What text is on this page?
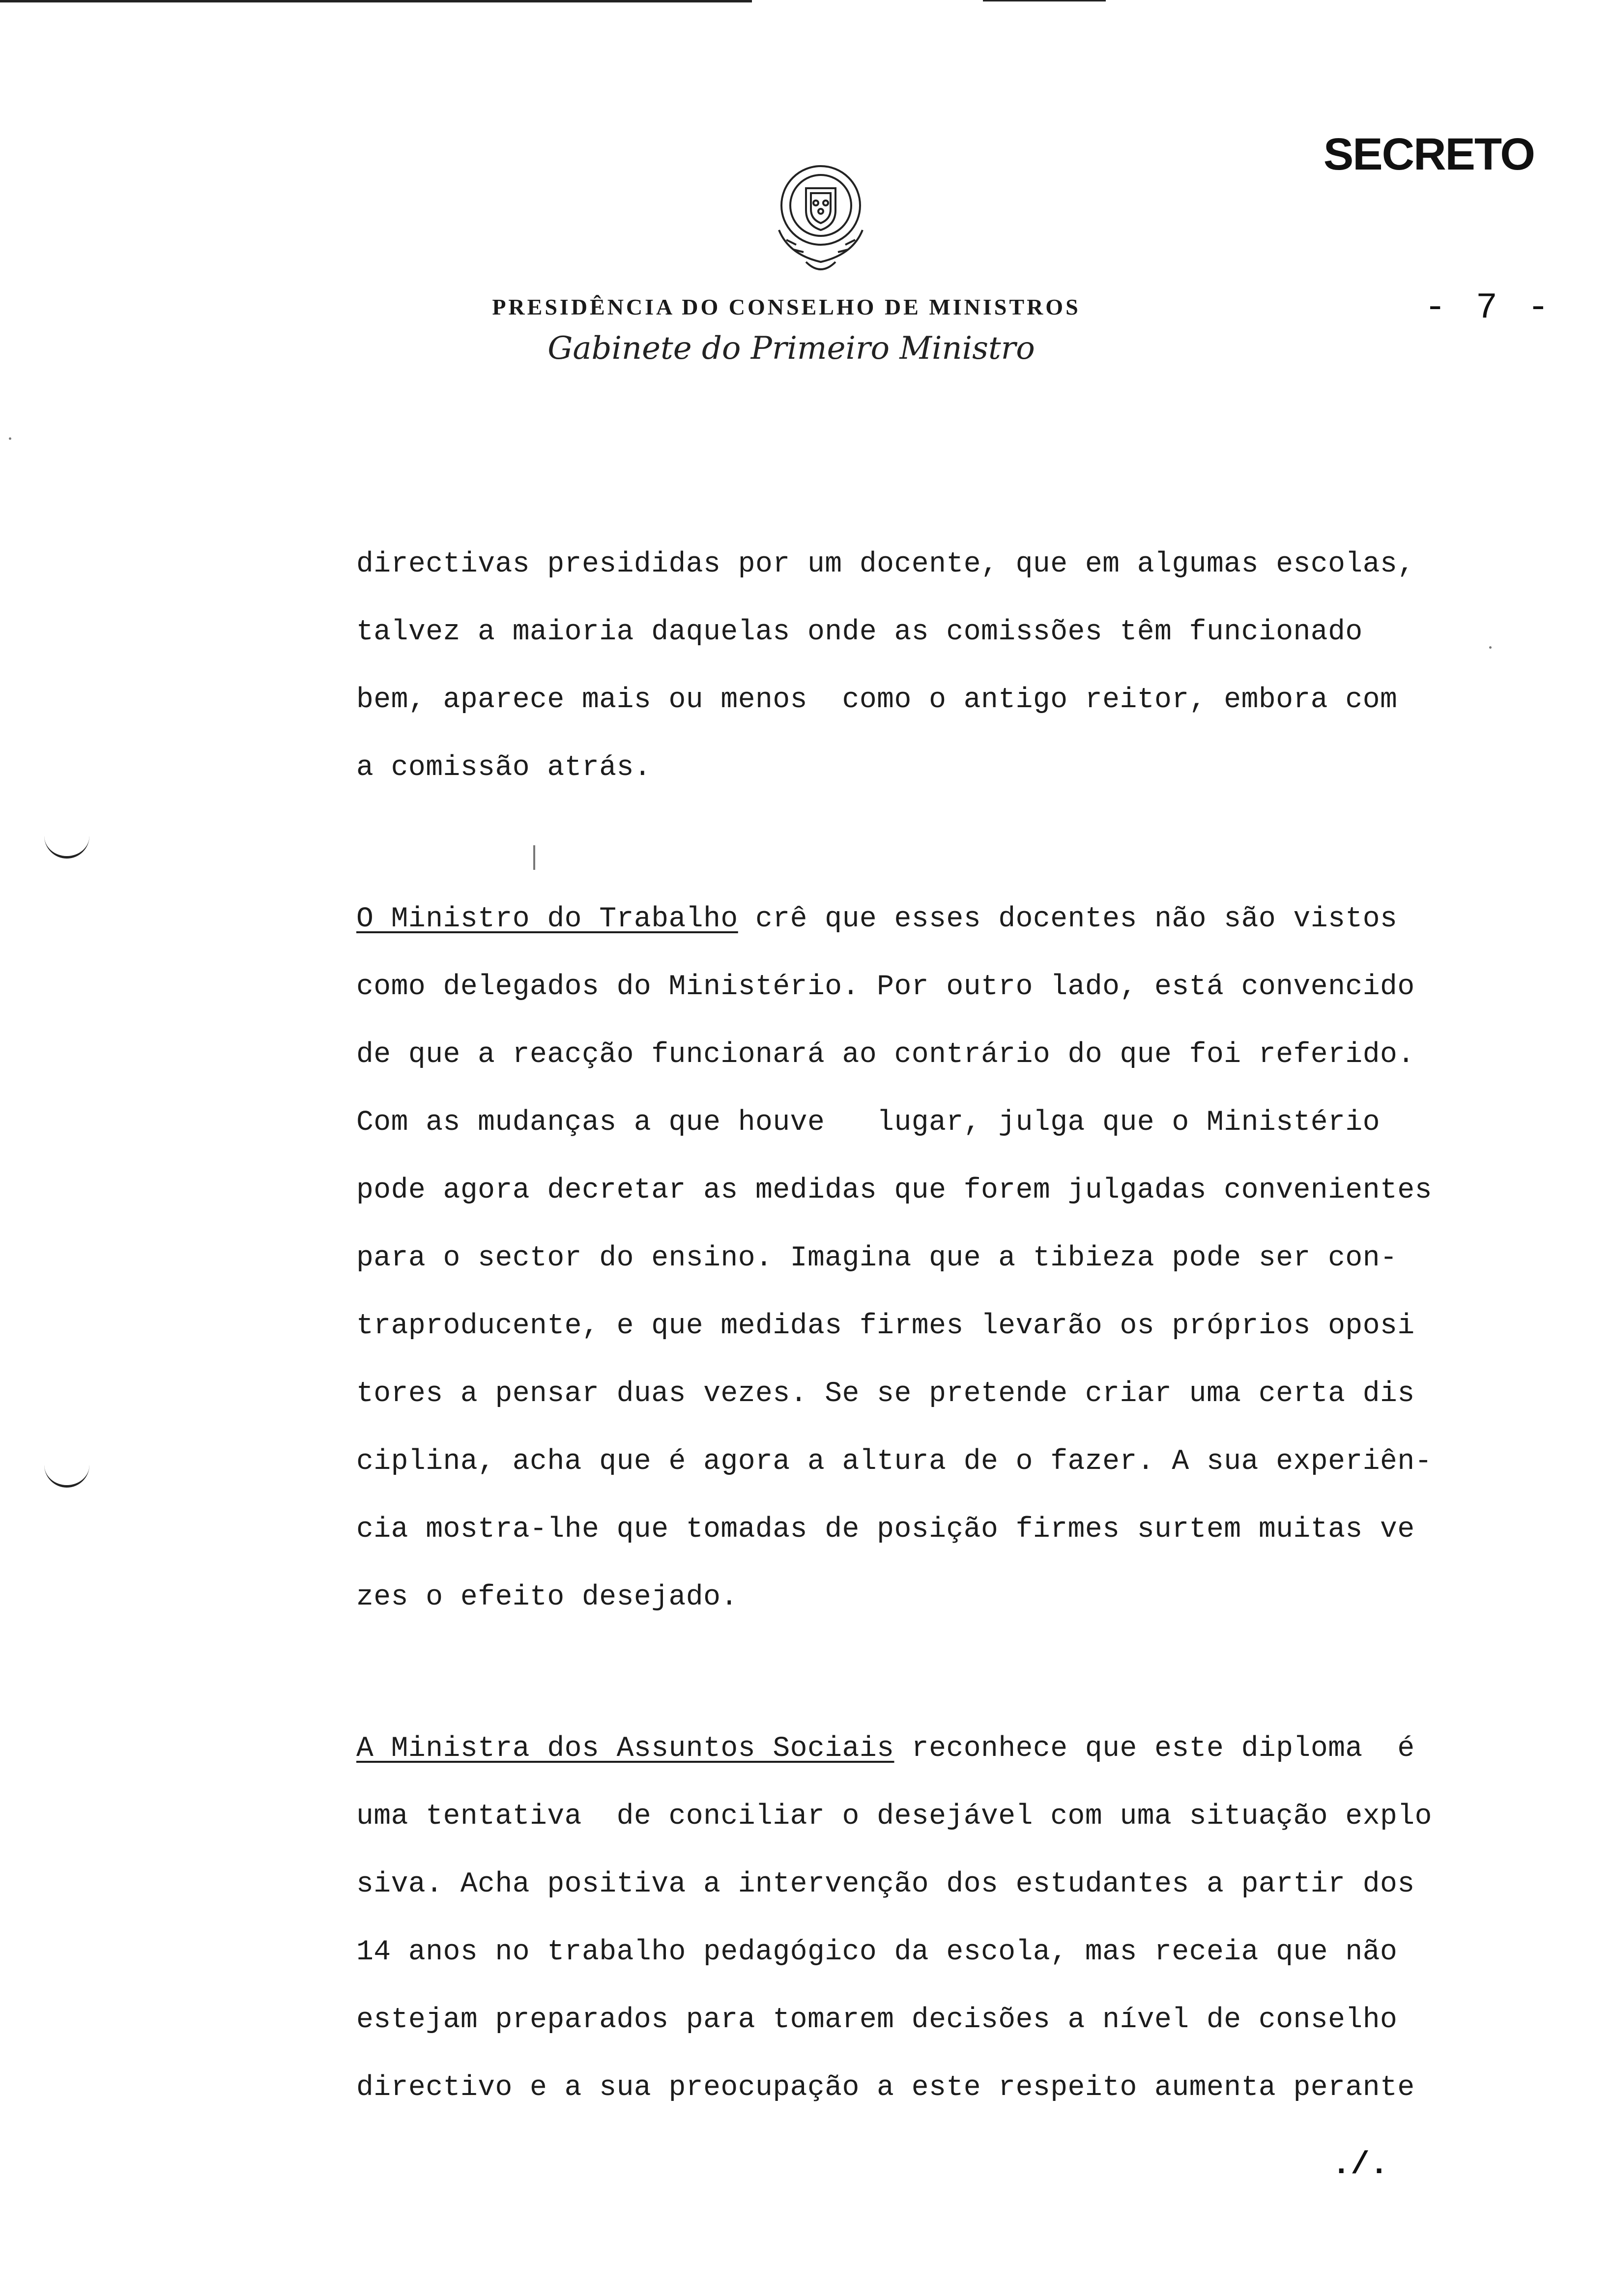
SECRETO
PRESIDÊNCIA DO CONSELHO DE MINISTROS
Gabinete do Primeiro Ministro
- 7 -
directivas presididas por um docente, que em algumas escolas,
talvez a maioria daquelas onde as comissões têm funcionado
bem, aparece mais ou menos  como o antigo reitor, embora com
a comissão atrás.
O Ministro do Trabalho crê que esses docentes não são vistos
como delegados do Ministério. Por outro lado, está convencido
de que a reacção funcionará ao contrário do que foi referido.
Com as mudanças a que houve   lugar, julga que o Ministério
pode agora decretar as medidas que forem julgadas convenientes
para o sector do ensino. Imagina que a tibieza pode ser con-
traproducente, e que medidas firmes levarão os próprios oposi
tores a pensar duas vezes. Se se pretende criar uma certa dis
ciplina, acha que é agora a altura de o fazer. A sua experiên-
cia mostra-lhe que tomadas de posição firmes surtem muitas ve
zes o efeito desejado.
A Ministra dos Assuntos Sociais reconhece que este diploma  é
uma tentativa  de conciliar o desejável com uma situação explo
siva. Acha positiva a intervenção dos estudantes a partir dos
14 anos no trabalho pedagógico da escola, mas receia que não
estejam preparados para tomarem decisões a nível de conselho
directivo e a sua preocupação a este respeito aumenta perante
./.
